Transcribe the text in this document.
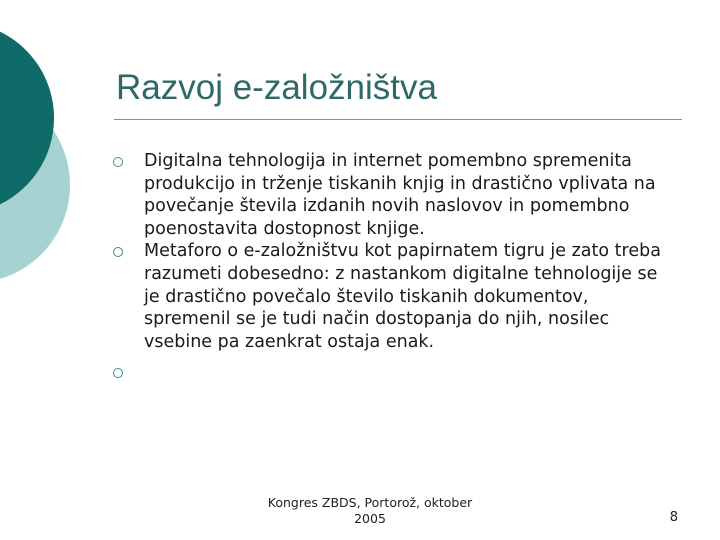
Razvoj e-založništva
Digitalna tehnologija in internet pomembno spremenita produkcijo in trženje tiskanih knjig in drastično vplivata na povečanje števila izdanih novih naslovov in pomembno poenostavita dostopnost knjige.
Metaforo o e-založništvu kot papirnatem tigru je zato treba razumeti dobesedno: z nastankom digitalne tehnologije se je drastično povečalo število tiskanih dokumentov, spremenil se je tudi način dostopanja do njih, nosilec vsebine pa zaenkrat ostaja enak.
Kongres ZBDS, Portorož, oktober
2005	8
